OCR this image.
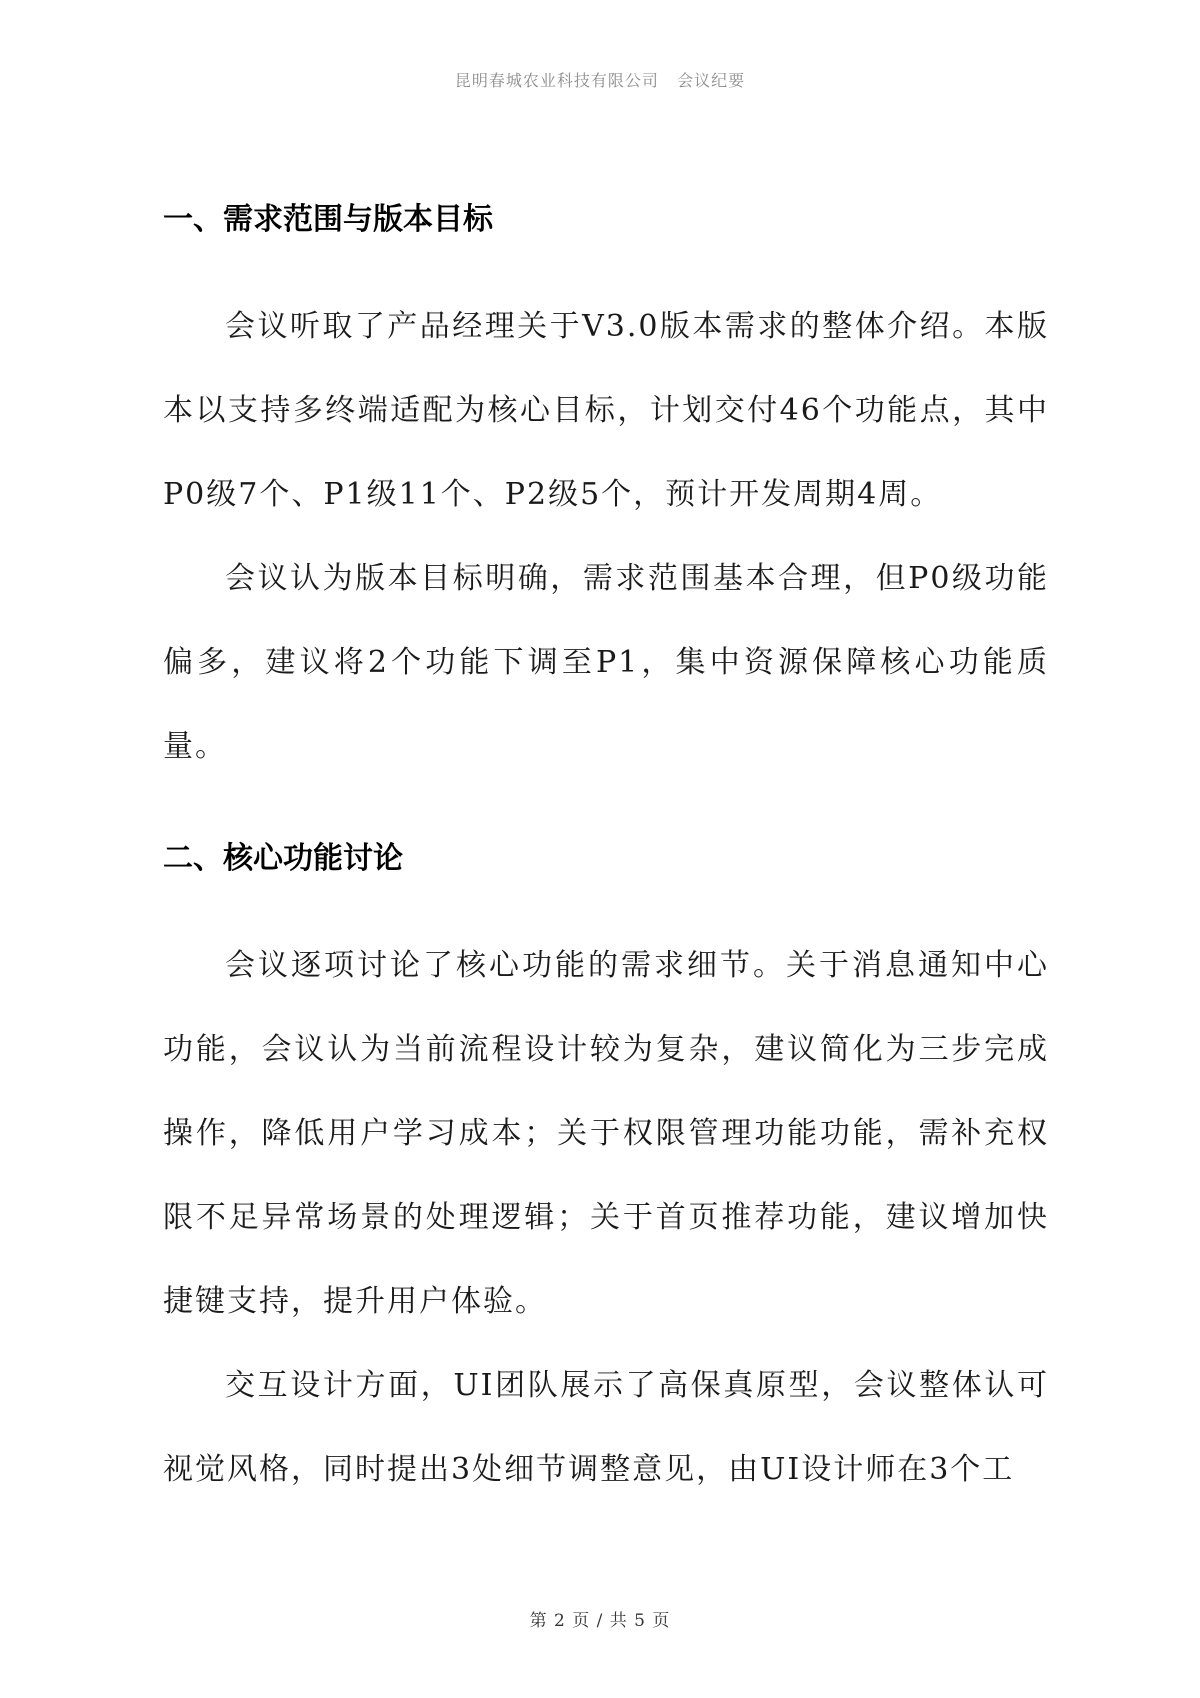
昆明春城农业科技有限公司 会议纪要
一、需求范围与版本目标

会议听取了产品经理关于V3.0版本需求的整体介绍。本版本以支持多终端适配为核心目标，计划交付46个功能点，其中P0级7个、P1级11个、P2级5个，预计开发周期4周。

会议认为版本目标明确，需求范围基本合理，但P0级功能偏多，建议将2个功能下调至P1，集中资源保障核心功能质量。

二、核心功能讨论

会议逐项讨论了核心功能的需求细节。关于消息通知中心功能，会议认为当前流程设计较为复杂，建议简化为三步完成操作，降低用户学习成本；关于权限管理功能功能，需补充权限不足异常场景的处理逻辑；关于首页推荐功能，建议增加快捷键支持，提升用户体验。

交互设计方面，UI团队展示了高保真原型，会议整体认可视觉风格，同时提出3处细节调整意见，由UI设计师在3个工

第 2 页 / 共 5 页
